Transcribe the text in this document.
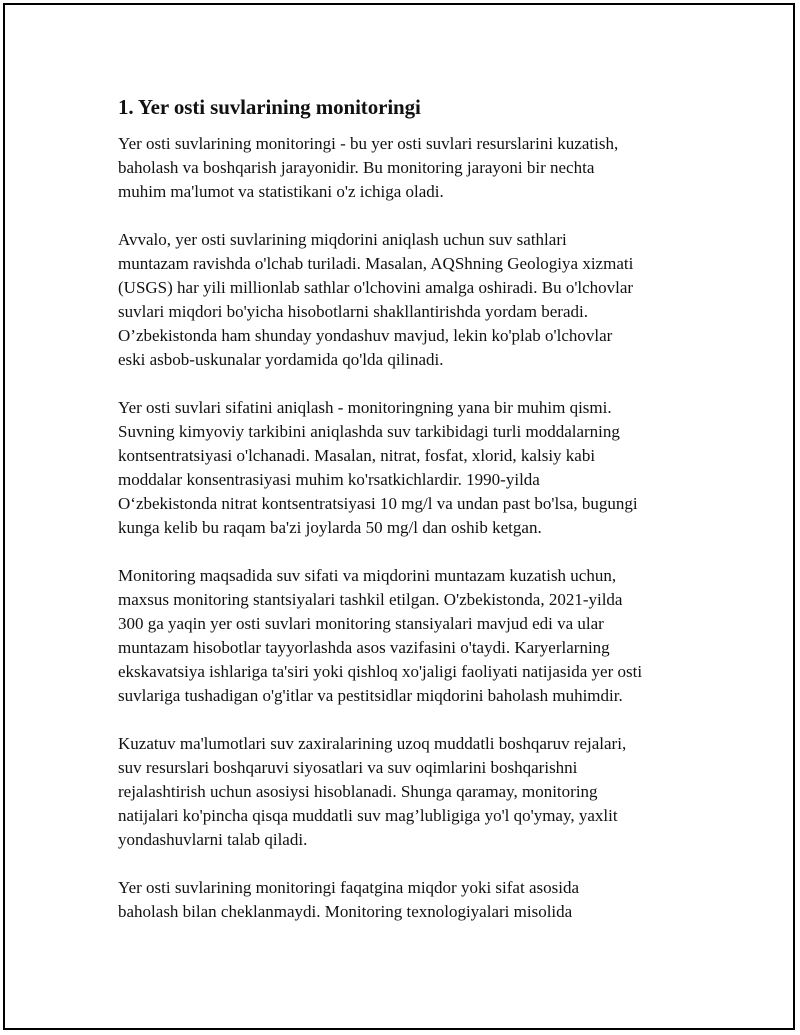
1. Yer osti suvlarining monitoringi

Yer osti suvlarining monitoringi - bu yer osti suvlari resurslarini kuzatish,
baholash va boshqarish jarayonidir. Bu monitoring jarayoni bir nechta
muhim ma'lumot va statistikani o'z ichiga oladi.

Avvalo, yer osti suvlarining miqdorini aniqlash uchun suv sathlari
muntazam ravishda o'lchab turiladi. Masalan, AQShning Geologiya xizmati
(USGS) har yili millionlab sathlar o'lchovini amalga oshiradi. Bu o'lchovlar
suvlari miqdori bo'yicha hisobotlarni shakllantirishda yordam beradi.
O’zbekistonda ham shunday yondashuv mavjud, lekin ko'plab o'lchovlar
eski asbob-uskunalar yordamida qo'lda qilinadi.

Yer osti suvlari sifatini aniqlash - monitoringning yana bir muhim qismi.
Suvning kimyoviy tarkibini aniqlashda suv tarkibidagi turli moddalarning
kontsentratsiyasi o'lchanadi. Masalan, nitrat, fosfat, xlorid, kalsiy kabi
moddalar konsentrasiyasi muhim ko'rsatkichlardir. 1990-yilda
O‘zbekistonda nitrat kontsentratsiyasi 10 mg/l va undan past bo'lsa, bugungi
kunga kelib bu raqam ba'zi joylarda 50 mg/l dan oshib ketgan.

Monitoring maqsadida suv sifati va miqdorini muntazam kuzatish uchun,
maxsus monitoring stantsiyalari tashkil etilgan. O'zbekistonda, 2021-yilda
300 ga yaqin yer osti suvlari monitoring stansiyalari mavjud edi va ular
muntazam hisobotlar tayyorlashda asos vazifasini o'taydi. Karyerlarning
ekskavatsiya ishlariga ta'siri yoki qishloq xo'jaligi faoliyati natijasida yer osti
suvlariga tushadigan o'g'itlar va pestitsidlar miqdorini baholash muhimdir.

Kuzatuv ma'lumotlari suv zaxiralarining uzoq muddatli boshqaruv rejalari,
suv resurslari boshqaruvi siyosatlari va suv oqimlarini boshqarishni
rejalashtirish uchun asosiysi hisoblanadi. Shunga qaramay, monitoring
natijalari ko'pincha qisqa muddatli suv mag’lubligiga yo'l qo'ymay, yaxlit
yondashuvlarni talab qiladi.

Yer osti suvlarining monitoringi faqatgina miqdor yoki sifat asosida
baholash bilan cheklanmaydi. Monitoring texnologiyalari misolida
